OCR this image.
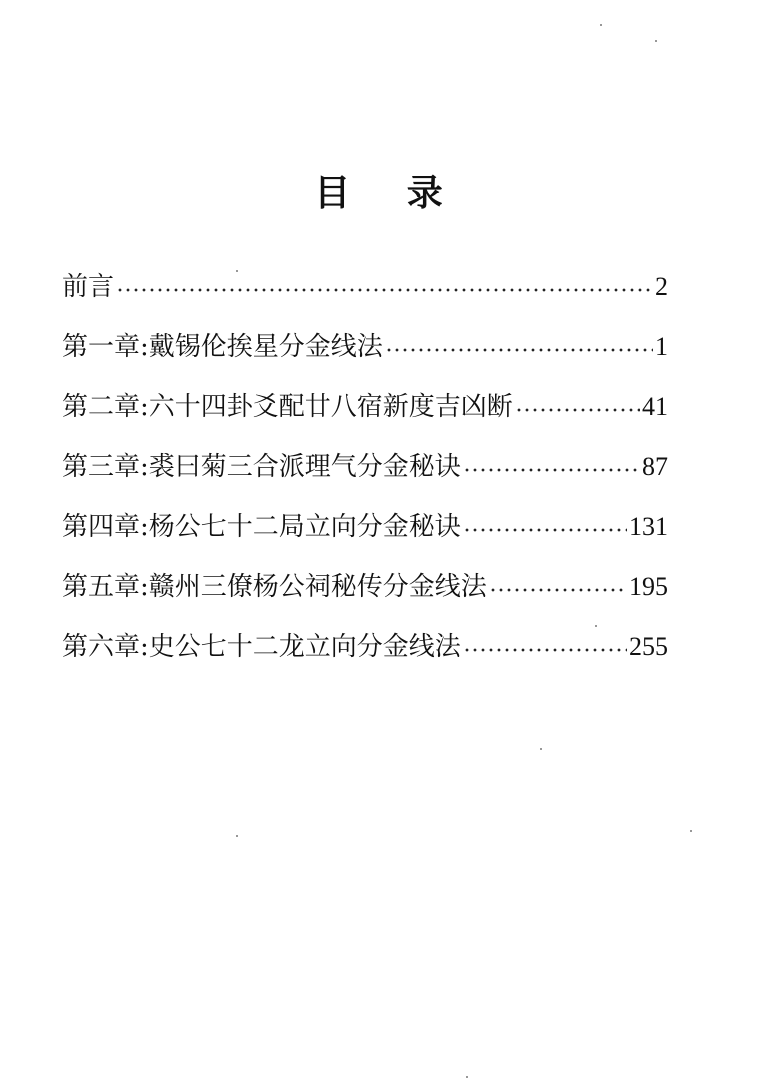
目 录
前言	2
第一章:戴锡伦挨星分金线法	1
第二章:六十四卦爻配廿八宿新度吉凶断	41
第三章:裘曰菊三合派理气分金秘诀	87
第四章:杨公七十二局立向分金秘诀	131
第五章:赣州三僚杨公祠秘传分金线法	195
第六章:史公七十二龙立向分金线法	255
